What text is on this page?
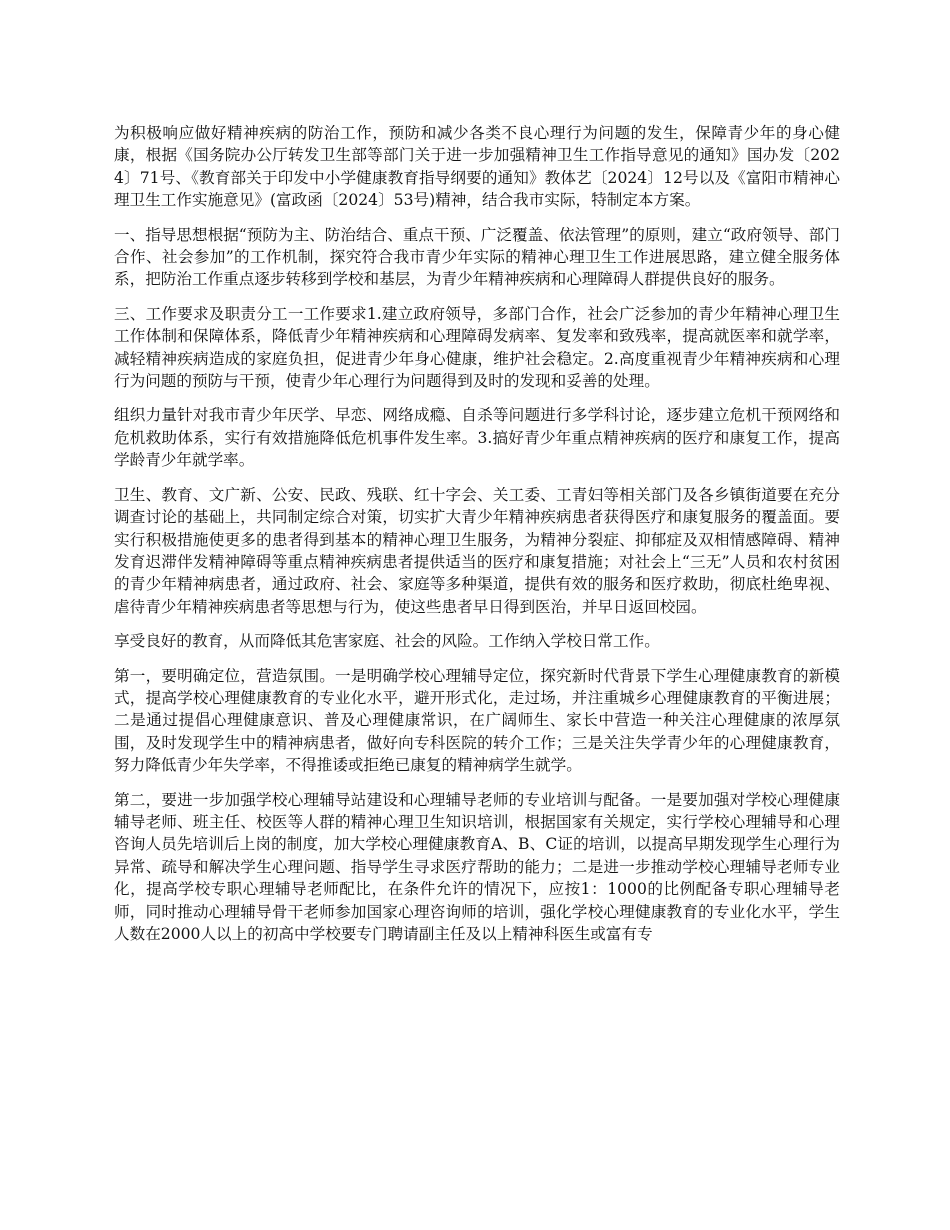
为积极响应做好精神疾病的防治工作，预防和减少各类不良心理行为问题的发生，保障青少年的身心健康，根据《国务院办公厅转发卫生部等部门关于进一步加强精神卫生工作指导意见的通知》国办发〔2024〕71号、《教育部关于印发中小学健康教育指导纲要的通知》教体艺〔2024〕12号以及《富阳市精神心理卫生工作实施意见》(富政函〔2024〕53号)精神，结合我市实际，特制定本方案。

一、指导思想根据“预防为主、防治结合、重点干预、广泛覆盖、依法管理”的原则，建立“政府领导、部门合作、社会参加”的工作机制，探究符合我市青少年实际的精神心理卫生工作进展思路，建立健全服务体系，把防治工作重点逐步转移到学校和基层，为青少年精神疾病和心理障碍人群提供良好的服务。

三、工作要求及职责分工一工作要求1.建立政府领导，多部门合作，社会广泛参加的青少年精神心理卫生工作体制和保障体系，降低青少年精神疾病和心理障碍发病率、复发率和致残率，提高就医率和就学率，减轻精神疾病造成的家庭负担，促进青少年身心健康，维护社会稳定。2.高度重视青少年精神疾病和心理行为问题的预防与干预，使青少年心理行为问题得到及时的发现和妥善的处理。

组织力量针对我市青少年厌学、早恋、网络成瘾、自杀等问题进行多学科讨论，逐步建立危机干预网络和危机救助体系，实行有效措施降低危机事件发生率。3.搞好青少年重点精神疾病的医疗和康复工作，提高学龄青少年就学率。

卫生、教育、文广新、公安、民政、残联、红十字会、关工委、工青妇等相关部门及各乡镇街道要在充分调查讨论的基础上，共同制定综合对策，切实扩大青少年精神疾病患者获得医疗和康复服务的覆盖面。要实行积极措施使更多的患者得到基本的精神心理卫生服务，为精神分裂症、抑郁症及双相情感障碍、精神发育迟滞伴发精神障碍等重点精神疾病患者提供适当的医疗和康复措施；对社会上“三无”人员和农村贫困的青少年精神病患者，通过政府、社会、家庭等多种渠道，提供有效的服务和医疗救助，彻底杜绝卑视、虐待青少年精神疾病患者等思想与行为，使这些患者早日得到医治，并早日返回校园。

享受良好的教育，从而降低其危害家庭、社会的风险。工作纳入学校日常工作。

第一，要明确定位，营造氛围。一是明确学校心理辅导定位，探究新时代背景下学生心理健康教育的新模式，提高学校心理健康教育的专业化水平，避开形式化，走过场，并注重城乡心理健康教育的平衡进展；二是通过提倡心理健康意识、普及心理健康常识，在广阔师生、家长中营造一种关注心理健康的浓厚氛围，及时发现学生中的精神病患者，做好向专科医院的转介工作；三是关注失学青少年的心理健康教育，努力降低青少年失学率，不得推诿或拒绝已康复的精神病学生就学。

第二，要进一步加强学校心理辅导站建设和心理辅导老师的专业培训与配备。一是要加强对学校心理健康辅导老师、班主任、校医等人群的精神心理卫生知识培训，根据国家有关规定，实行学校心理辅导和心理咨询人员先培训后上岗的制度，加大学校心理健康教育A、B、C证的培训，以提高早期发现学生心理行为异常、疏导和解决学生心理问题、指导学生寻求医疗帮助的能力；二是进一步推动学校心理辅导老师专业化，提高学校专职心理辅导老师配比，在条件允许的情况下，应按1：1000的比例配备专职心理辅导老师，同时推动心理辅导骨干老师参加国家心理咨询师的培训，强化学校心理健康教育的专业化水平，学生人数在2000人以上的初高中学校要专门聘请副主任及以上精神科医生或富有专
